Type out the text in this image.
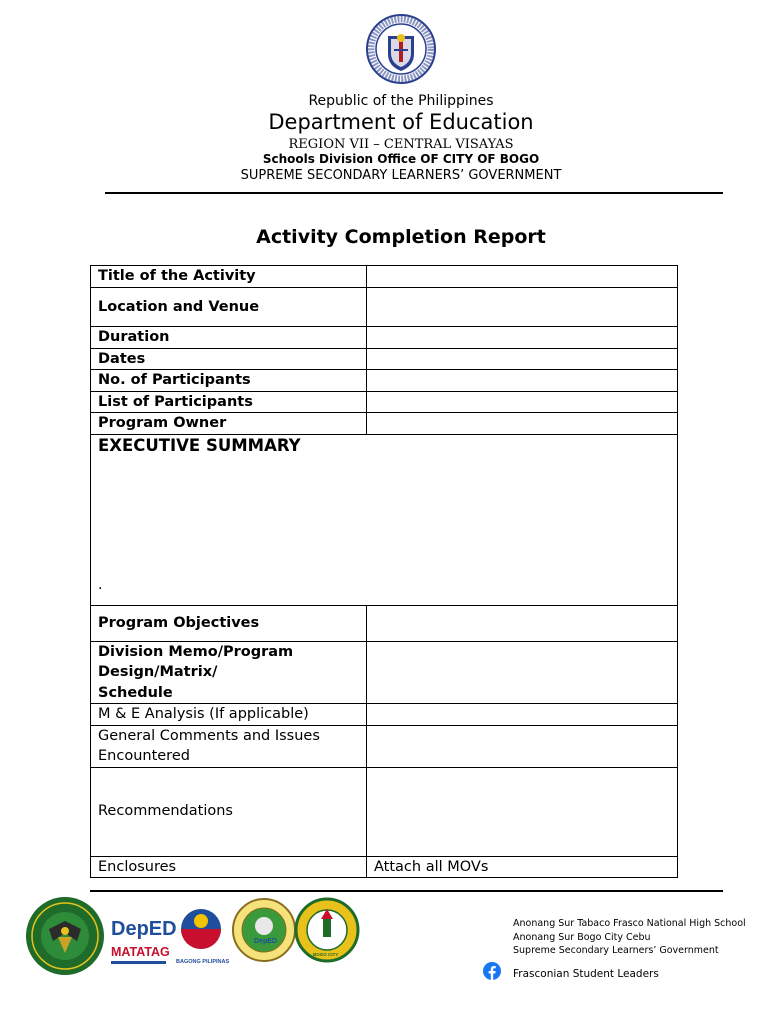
Republic of the Philippines
Department of Education
REGION VII – CENTRAL VISAYAS
Schools Division Office OF CITY OF BOGO
SUPREME SECONDARY LEARNERS’ GOVERNMENT
Activity Completion Report
Title of the Activity	
Location and Venue	
Duration	
Dates	
No. of Participants	
List of Participants	
Program Owner	

EXECUTIVE SUMMARY
.	

Program Objectives	

Division Memo/Program
Design/Matrix/
Schedule	

M & E Analysis (If applicable)	

General Comments and Issues
Encountered	

Recommendations	
Enclosures	Attach all MOVs
DepED
MATATAG
BAGONG PILIPINAS
DepED
BOGO CITY
Anonang Sur Tabaco Frasco National High School
Anonang Sur Bogo City Cebu
Supreme Secondary Learners’ Government
Frasconian Student Leaders
